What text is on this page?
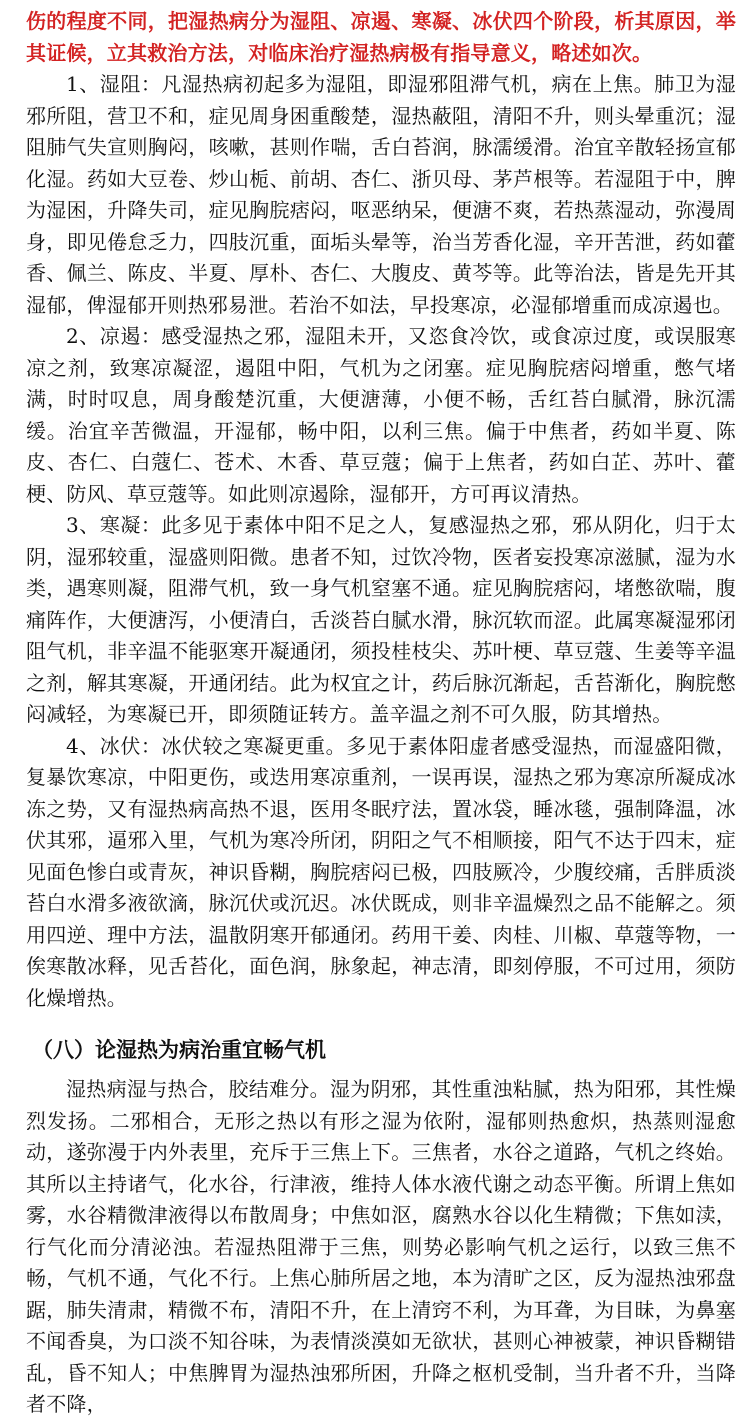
伤的程度不同，把湿热病分为湿阻、凉遏、寒凝、冰伏四个阶段，析其原因，举其证候，立其救治方法，对临床治疗湿热病极有指导意义，略述如次。

1、湿阻：凡湿热病初起多为湿阻，即湿邪阻滞气机，病在上焦。肺卫为湿邪所阻，营卫不和，症见周身困重酸楚，湿热蔽阻，清阳不升，则头晕重沉；湿阻肺气失宣则胸闷，咳嗽，甚则作喘，舌白苔润，脉濡缓滑。治宜辛散轻扬宣郁化湿。药如大豆卷、炒山栀、前胡、杏仁、浙贝母、茅芦根等。若湿阻于中，脾为湿困，升降失司，症见胸脘痞闷，呕恶纳呆，便溏不爽，若热蒸湿动，弥漫周身，即见倦怠乏力，四肢沉重，面垢头晕等，治当芳香化湿，辛开苦泄，药如藿香、佩兰、陈皮、半夏、厚朴、杏仁、大腹皮、黄芩等。此等治法，皆是先开其湿郁，俾湿郁开则热邪易泄。若治不如法，早投寒凉，必湿郁增重而成凉遏也。

2、凉遏：感受湿热之邪，湿阻未开，又恣食冷饮，或食凉过度，或误服寒凉之剂，致寒凉凝涩，遏阻中阳，气机为之闭塞。症见胸脘痞闷增重，憋气堵满，时时叹息，周身酸楚沉重，大便溏薄，小便不畅，舌红苔白腻滑，脉沉濡缓。治宜辛苦微温，开湿郁，畅中阳，以利三焦。偏于中焦者，药如半夏、陈皮、杏仁、白蔻仁、苍术、木香、草豆蔻；偏于上焦者，药如白芷、苏叶、藿梗、防风、草豆蔻等。如此则凉遏除，湿郁开，方可再议清热。

3、寒凝：此多见于素体中阳不足之人，复感湿热之邪，邪从阴化，归于太阴，湿邪较重，湿盛则阳微。患者不知，过饮冷物，医者妄投寒凉滋腻，湿为水类，遇寒则凝，阻滞气机，致一身气机窒塞不通。症见胸脘痞闷，堵憋欲喘，腹痛阵作，大便溏泻，小便清白，舌淡苔白腻水滑，脉沉软而涩。此属寒凝湿邪闭阻气机，非辛温不能驱寒开凝通闭，须投桂枝尖、苏叶梗、草豆蔻、生姜等辛温之剂，解其寒凝，开通闭结。此为权宜之计，药后脉沉渐起，舌苔渐化，胸脘憋闷减轻，为寒凝已开，即须随证转方。盖辛温之剂不可久服，防其增热。

4、冰伏：冰伏较之寒凝更重。多见于素体阳虚者感受湿热，而湿盛阳微，复暴饮寒凉，中阳更伤，或迭用寒凉重剂，一误再误，湿热之邪为寒凉所凝成冰冻之势，又有湿热病高热不退，医用冬眠疗法，置冰袋，睡冰毯，强制降温，冰伏其邪，逼邪入里，气机为寒冷所闭，阴阳之气不相顺接，阳气不达于四末，症见面色惨白或青灰，神识昏糊，胸脘痞闷已极，四肢厥冷，少腹绞痛，舌胖质淡苔白水滑多液欲滴，脉沉伏或沉迟。冰伏既成，则非辛温燥烈之品不能解之。须用四逆、理中方法，温散阴寒开郁通闭。药用干姜、肉桂、川椒、草蔻等物，一俟寒散冰释，见舌苔化，面色润，脉象起，神志清，即刻停服，不可过用，须防化燥增热。

（八）论湿热为病治重宜畅气机

湿热病湿与热合，胶结难分。湿为阴邪，其性重浊粘腻，热为阳邪，其性燥烈发扬。二邪相合，无形之热以有形之湿为依附，湿郁则热愈炽，热蒸则湿愈动，遂弥漫于内外表里，充斥于三焦上下。三焦者，水谷之道路，气机之终始。其所以主持诸气，化水谷，行津液，维持人体水液代谢之动态平衡。所谓上焦如雾，水谷精微津液得以布散周身；中焦如沤，腐熟水谷以化生精微；下焦如渎，行气化而分清泌浊。若湿热阻滞于三焦，则势必影响气机之运行，以致三焦不畅，气机不通，气化不行。上焦心肺所居之地，本为清旷之区，反为湿热浊邪盘踞，肺失清肃，精微不布，清阳不升，在上清窍不利，为耳聋，为目昧，为鼻塞不闻香臭，为口淡不知谷味，为表情淡漠如无欲状，甚则心神被蒙，神识昏糊错乱，昏不知人；中焦脾胃为湿热浊邪所困，升降之枢机受制，当升者不升，当降者不降，
